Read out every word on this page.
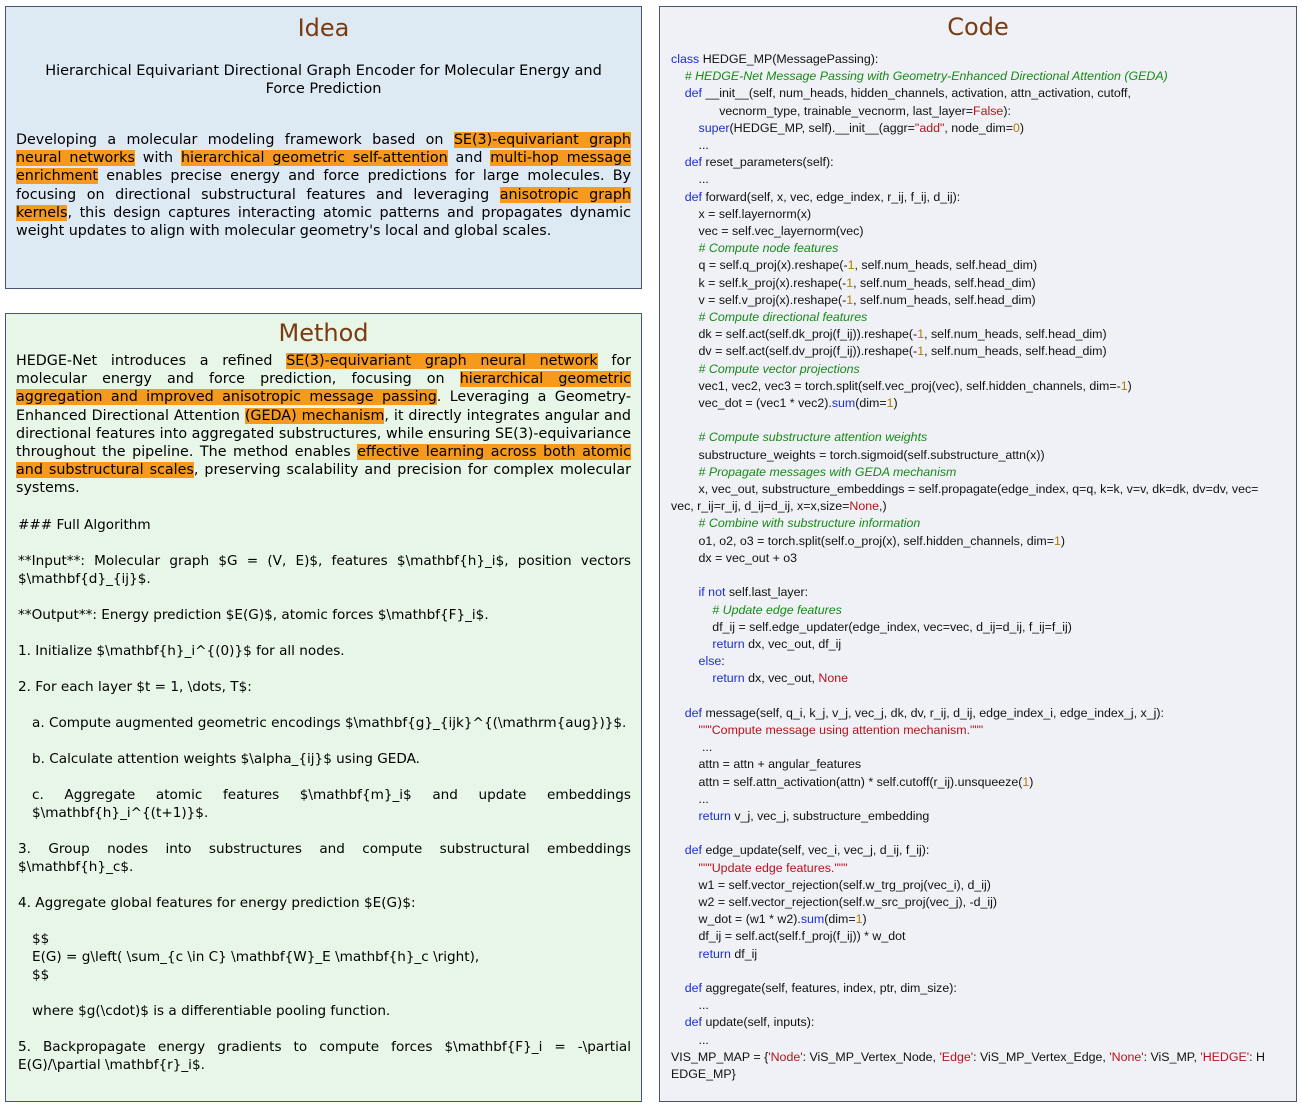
Idea
Hierarchical Equivariant Directional Graph Encoder for Molecular Energy and Force Prediction
Developing a molecular modeling framework based on SE(3)-equivariant graph neural networks with hierarchical geometric self-attention and multi-hop message enrichment enables precise energy and force predictions for large molecules. By focusing on directional substructural features and leveraging anisotropic graph kernels, this design captures interacting atomic patterns and propagates dynamic weight updates to align with molecular geometry's local and global scales.
Method
HEDGE-Net introduces a refined SE(3)-equivariant graph neural network for molecular energy and force prediction, focusing on hierarchical geometric aggregation and improved anisotropic message passing. Leveraging a Geometry-Enhanced Directional Attention (GEDA) mechanism, it directly integrates angular and directional features into aggregated substructures, while ensuring SE(3)-equivariance throughout the pipeline. The method enables effective learning across both atomic and substructural scales, preserving scalability and precision for complex molecular systems.

### Full Algorithm

**Input**: Molecular graph $G = (V, E)$, features $\mathbf{h}_i$, position vectors $\mathbf{d}_{ij}$.

**Output**: Energy prediction $E(G)$, atomic forces $\mathbf{F}_i$.

1. Initialize $\mathbf{h}_i^{(0)}$ for all nodes.

2. For each layer $t = 1, \dots, T$:

a. Compute augmented geometric encodings $\mathbf{g}_{ijk}^{(\mathrm{aug})}$.

b. Calculate attention weights $\alpha_{ij}$ using GEDA.

c. Aggregate atomic features $\mathbf{m}_i$ and update embeddings $\mathbf{h}_i^{(t+1)}$.

3. Group nodes into substructures and compute substructural embeddings $\mathbf{h}_c$.

4. Aggregate global features for energy prediction $E(G)$:

$$
E(G) = g\left( \sum_{c \in C} \mathbf{W}_E \mathbf{h}_c \right),
$$

where $g(\cdot)$ is a differentiable pooling function.

5. Backpropagate energy gradients to compute forces $\mathbf{F}_i = -\partial E(G)/\partial \mathbf{r}_i$.

Code
class HEDGE_MP(MessagePassing):
# HEDGE-Net Message Passing with Geometry-Enhanced Directional Attention (GEDA)
def __init__(self, num_heads, hidden_channels, activation, attn_activation, cutoff,
vecnorm_type, trainable_vecnorm, last_layer=False):
super(HEDGE_MP, self).__init__(aggr="add", node_dim=0)
...
def reset_parameters(self):
...
def forward(self, x, vec, edge_index, r_ij, f_ij, d_ij):
x = self.layernorm(x)
vec = self.vec_layernorm(vec)
# Compute node features
q = self.q_proj(x).reshape(-1, self.num_heads, self.head_dim)
k = self.k_proj(x).reshape(-1, self.num_heads, self.head_dim)
v = self.v_proj(x).reshape(-1, self.num_heads, self.head_dim)
# Compute directional features
dk = self.act(self.dk_proj(f_ij)).reshape(-1, self.num_heads, self.head_dim)
dv = self.act(self.dv_proj(f_ij)).reshape(-1, self.num_heads, self.head_dim)
# Compute vector projections
vec1, vec2, vec3 = torch.split(self.vec_proj(vec), self.hidden_channels, dim=-1)
vec_dot = (vec1 * vec2).sum(dim=1)

# Compute substructure attention weights
substructure_weights = torch.sigmoid(self.substructure_attn(x))
# Propagate messages with GEDA mechanism
x, vec_out, substructure_embeddings = self.propagate(edge_index, q=q, k=k, v=v, dk=dk, dv=dv, vec=
vec, r_ij=r_ij, d_ij=d_ij, x=x,size=None,)
# Combine with substructure information
o1, o2, o3 = torch.split(self.o_proj(x), self.hidden_channels, dim=1)
dx = vec_out + o3

if not self.last_layer:
# Update edge features
df_ij = self.edge_updater(edge_index, vec=vec, d_ij=d_ij, f_ij=f_ij)
return dx, vec_out, df_ij
else:
return dx, vec_out, None

def message(self, q_i, k_j, v_j, vec_j, dk, dv, r_ij, d_ij, edge_index_i, edge_index_j, x_j):
"""Compute message using attention mechanism."""
...
attn = attn + angular_features
attn = self.attn_activation(attn) * self.cutoff(r_ij).unsqueeze(1)
...
return v_j, vec_j, substructure_embedding

def edge_update(self, vec_i, vec_j, d_ij, f_ij):
"""Update edge features."""
w1 = self.vector_rejection(self.w_trg_proj(vec_i), d_ij)
w2 = self.vector_rejection(self.w_src_proj(vec_j), -d_ij)
w_dot = (w1 * w2).sum(dim=1)
df_ij = self.act(self.f_proj(f_ij)) * w_dot
return df_ij

def aggregate(self, features, index, ptr, dim_size):
...
def update(self, inputs):
...
VIS_MP_MAP = {'Node': ViS_MP_Vertex_Node, 'Edge': ViS_MP_Vertex_Edge, 'None': ViS_MP, 'HEDGE': H
EDGE_MP}
